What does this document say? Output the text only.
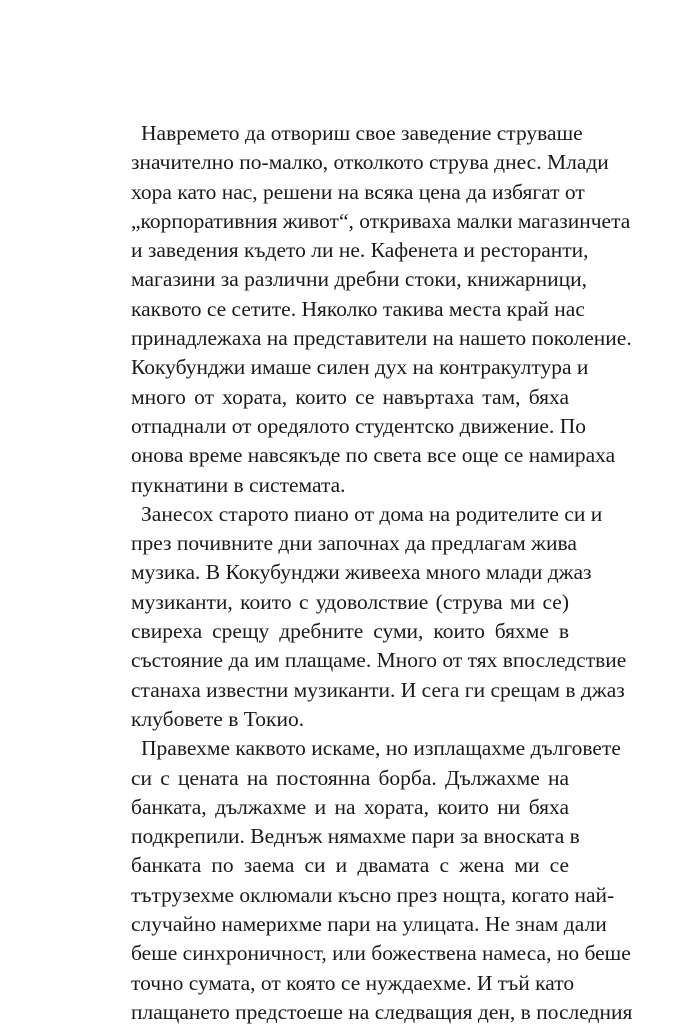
Навремето да отвориш свое заведение струваше
значително по-малко, отколкото струва днес. Млади
хора като нас, решени на всяка цена да избягат от
„корпоративния живот“, откриваха малки магазинчета
и заведения където ли не. Кафенета и ресторанти,
магазини за различни дребни стоки, книжарници,
каквото се сетите. Няколко такива места край нас
принадлежаха на представители на нашето поколение.
Кокубунджи имаше силен дух на контракултура и
много от хората, които се навъртаха там, бяха
отпаднали от оредялото студентско движение. По
онова време навсякъде по света все още се намираха
пукнатини в системата.

Занесох старото пиано от дома на родителите си и
през почивните дни започнах да предлагам жива
музика. В Кокубунджи живееха много млади джаз
музиканти, които с удоволствие (струва ми се)
свиреха срещу дребните суми, които бяхме в
състояние да им плащаме. Много от тях впоследствие
станаха известни музиканти. И сега ги срещам в джаз
клубовете в Токио.

Правехме каквото искаме, но изплащахме дълговете
си с цената на постоянна борба. Дължахме на
банката, дължахме и на хората, които ни бяха
подкрепили. Веднъж нямахме пари за вноската в
банката по заема си и двамата с жена ми се
тътрузехме оклюмали късно през нощта, когато най-
случайно намерихме пари на улицата. Не знам дали
беше синхроничност, или божествена намеса, но беше
точно сумата, от която се нуждаехме. И тъй като
плащането предстоеше на следващия ден, в последния
